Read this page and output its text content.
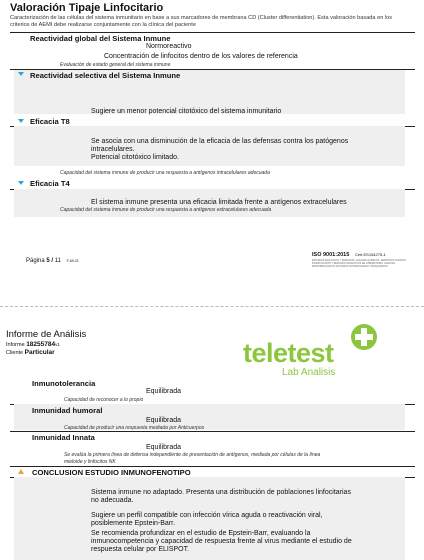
Valoración Tipaje Linfocitario
Caracterización de las células del sistema inmunitario en base a sus marcadores de membrana CD (Cluster differentiation). Esta valoración basada en los criterios de AEMI debe realizarse conjuntamente con la clínica del paciente
Reactividad global del Sistema Inmune
Normoreactivo
Concentración de linfocitos dentro de los valores de referencia
Evaluación de estado general del sistema inmune
Reactividad selectiva del Sistema Inmune
Sugiere un menor potencial citotóxico del sistema inmunitario
Eficacia T8
Se asocia con una disminución de la eficacia de las defensas contra los patógenos
intracelulares.
Potencial citotóxico limitado.
Capacidad del sistema inmune de producir una respuesta a antígenos intracelulares adecuada
Eficacia T4
El sistema inmune presenta una eficacia limitada frente a antígenos extracelulares
Capacidad del sistema inmune de producir una respuesta a antígenos extracelulares adecuada
Página 5 / 11 F-69-21
ISO 9001:2015 Cert.ES154275-1
ESTUDIOS ANALITICOS Y SERVICIOS, ANALISIS QUIMICOS, SERVICIOS CLINICOS, INVESTIGACION Y SERVICIOS ANALITICOS DE LABORATORIO, ANALISIS MICROBIOLOGICOS, ESTUDIOS NUTRICIONALES Y BIOQUIMICOS
Informe de Análisis
Informe 18255784v1
Cliente Particular	teletest
Lab Analisis
Inmunotolerancia
Equilibrada
Capacidad de reconocer a lo propio
Inmunidad humoral
Equilibrada
Capacidad de producir una respuesta mediada por Anticuerpos
Inmunidad Innata
Equilibrada
Se evalúa la primera línea de defensa independiente de presentación de antígenos, mediada por células de la línea
mieloide y linfocitos NK
CONCLUSION ESTUDIO INMUNOFENOTIPO
Sistema inmune no adaptado. Presenta una distribución de poblaciones linfocitarias
no adecuada.
Sugiere un perfil compatible con infección vírica aguda o reactivación viral,
posiblemente Epstein-Barr.
Se recomienda profundizar en el estudio de Epstein-Barr, evaluando la
inmunocompetencia y capacidad de respuesta frente al virus mediante el estudio de
respuesta celular por ELISPOT.
